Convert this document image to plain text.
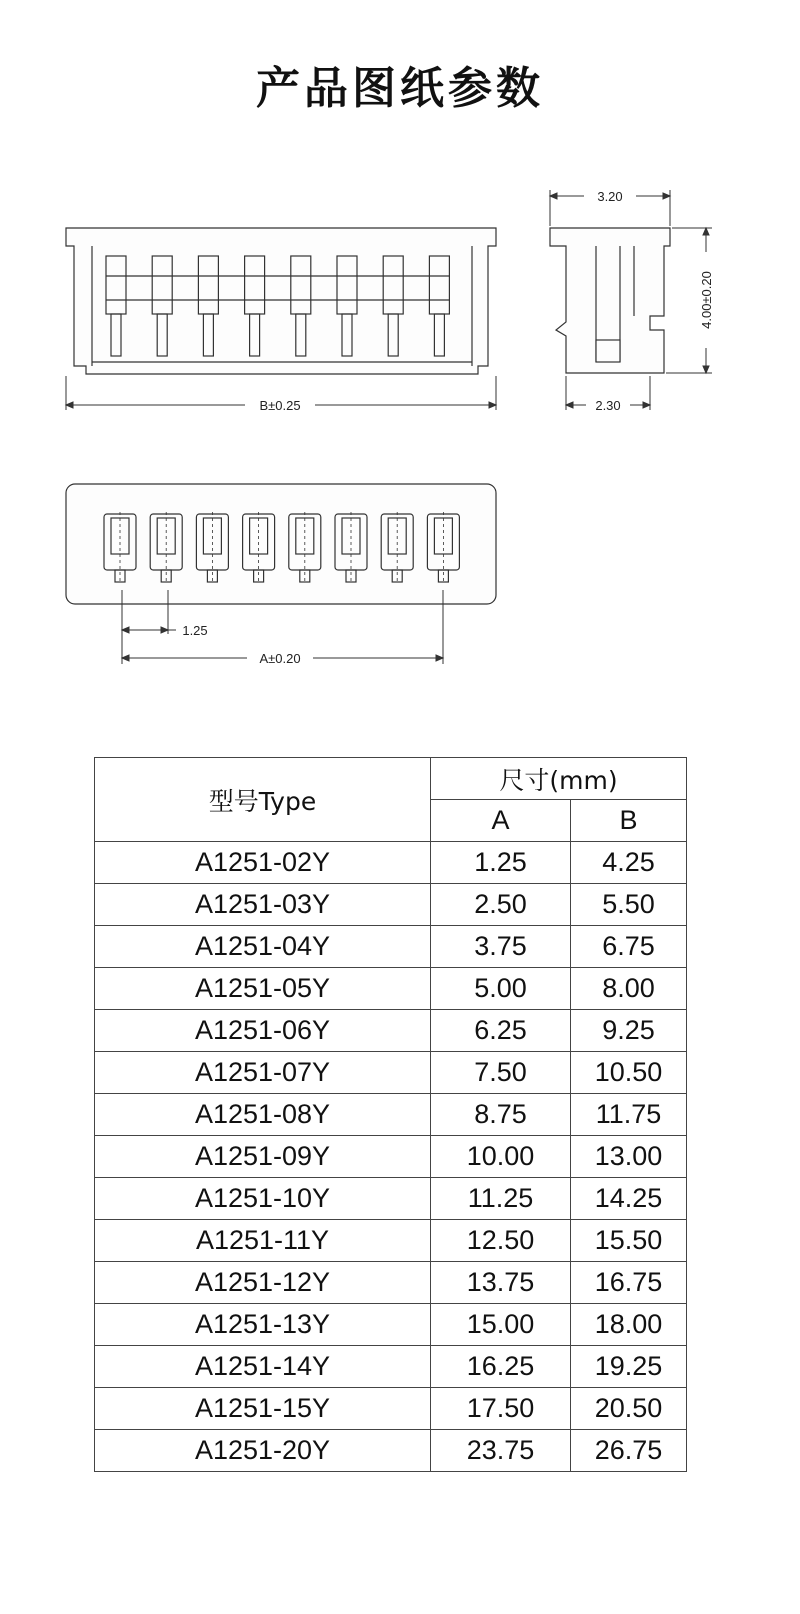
产品图纸参数
B±0.25
3.20
4.00±0.20
2.30
1.25
A±0.20
型号Type	尺寸(mm)	
	A	B
A1251-02Y	1.25	4.25
A1251-03Y	2.50	5.50
A1251-04Y	3.75	6.75
A1251-05Y	5.00	8.00
A1251-06Y	6.25	9.25
A1251-07Y	7.50	10.50
A1251-08Y	8.75	11.75
A1251-09Y	10.00	13.00
A1251-10Y	11.25	14.25
A1251-11Y	12.50	15.50
A1251-12Y	13.75	16.75
A1251-13Y	15.00	18.00
A1251-14Y	16.25	19.25
A1251-15Y	17.50	20.50
A1251-20Y	23.75	26.75
